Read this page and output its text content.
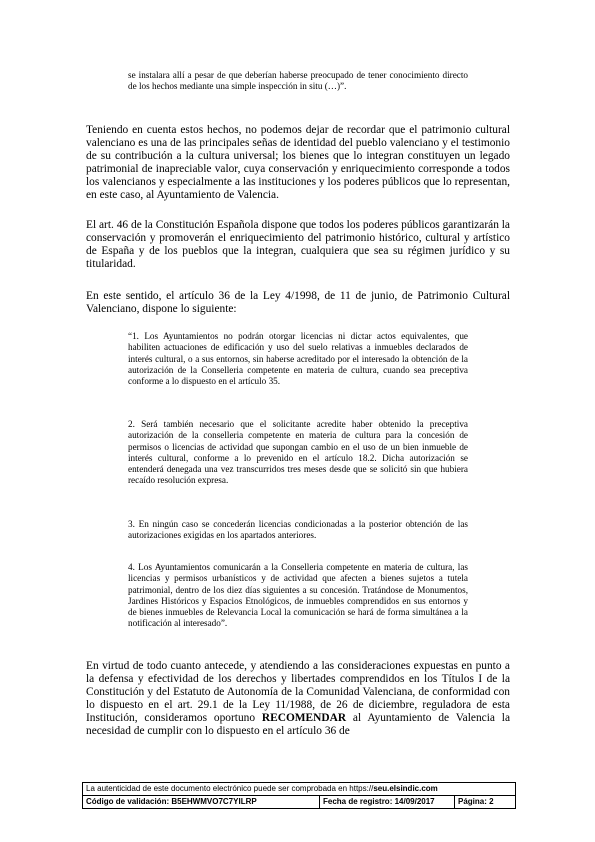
se instalara allí a pesar de que deberían haberse preocupado de tener conocimiento directo de los hechos mediante una simple inspección in situ (…)”.

Teniendo en cuenta estos hechos, no podemos dejar de recordar que el patrimonio cultural valenciano es una de las principales señas de identidad del pueblo valenciano y el testimonio de su contribución a la cultura universal; los bienes que lo integran constituyen un legado patrimonial de inapreciable valor, cuya conservación y enriquecimiento corresponde a todos los valencianos y especialmente a las instituciones y los poderes públicos que lo representan, en este caso, al Ayuntamiento de Valencia.

El art. 46 de la Constitución Española dispone que todos los poderes públicos garantizarán la conservación y promoverán el enriquecimiento del patrimonio histórico, cultural y artístico de España y de los pueblos que la integran, cualquiera que sea su régimen jurídico y su titularidad.

En este sentido, el artículo 36 de la Ley 4/1998, de 11 de junio, de Patrimonio Cultural Valenciano, dispone lo siguiente:

“1. Los Ayuntamientos no podrán otorgar licencias ni dictar actos equivalentes, que habiliten actuaciones de edificación y uso del suelo relativas a inmuebles declarados de interés cultural, o a sus entornos, sin haberse acreditado por el interesado la obtención de la autorización de la Conselleria competente en materia de cultura, cuando sea preceptiva conforme a lo dispuesto en el artículo 35.

2. Será también necesario que el solicitante acredite haber obtenido la preceptiva autorización de la conselleria competente en materia de cultura para la concesión de permisos o licencias de actividad que supongan cambio en el uso de un bien inmueble de interés cultural, conforme a lo prevenido en el artículo 18.2. Dicha autorización se entenderá denegada una vez transcurridos tres meses desde que se solicitó sin que hubiera recaído resolución expresa.

3. En ningún caso se concederán licencias condicionadas a la posterior obtención de las autorizaciones exigidas en los apartados anteriores.

4. Los Ayuntamientos comunicarán a la Conselleria competente en materia de cultura, las licencias y permisos urbanísticos y de actividad que afecten a bienes sujetos a tutela patrimonial, dentro de los diez días siguientes a su concesión. Tratándose de Monumentos, Jardines Históricos y Espacios Etnológicos, de inmuebles comprendidos en sus entornos y de bienes inmuebles de Relevancia Local la comunicación se hará de forma simultánea a la notificación al interesado”.

En virtud de todo cuanto antecede, y atendiendo a las consideraciones expuestas en punto a la defensa y efectividad de los derechos y libertades comprendidos en los Títulos I de la Constitución y del Estatuto de Autonomía de la Comunidad Valenciana, de conformidad con lo dispuesto en el art. 29.1 de la Ley 11/1988, de 26 de diciembre, reguladora de esta Institución, consideramos oportuno RECOMENDAR al Ayuntamiento de Valencia la necesidad de cumplir con lo dispuesto en el artículo 36 de

La autenticidad de este documento electrónico puede ser comprobada en https://seu.elsindic.com
Código de validación: B5EHWMVO7C7YILRP	Fecha de registro: 14/09/2017	Página: 2
